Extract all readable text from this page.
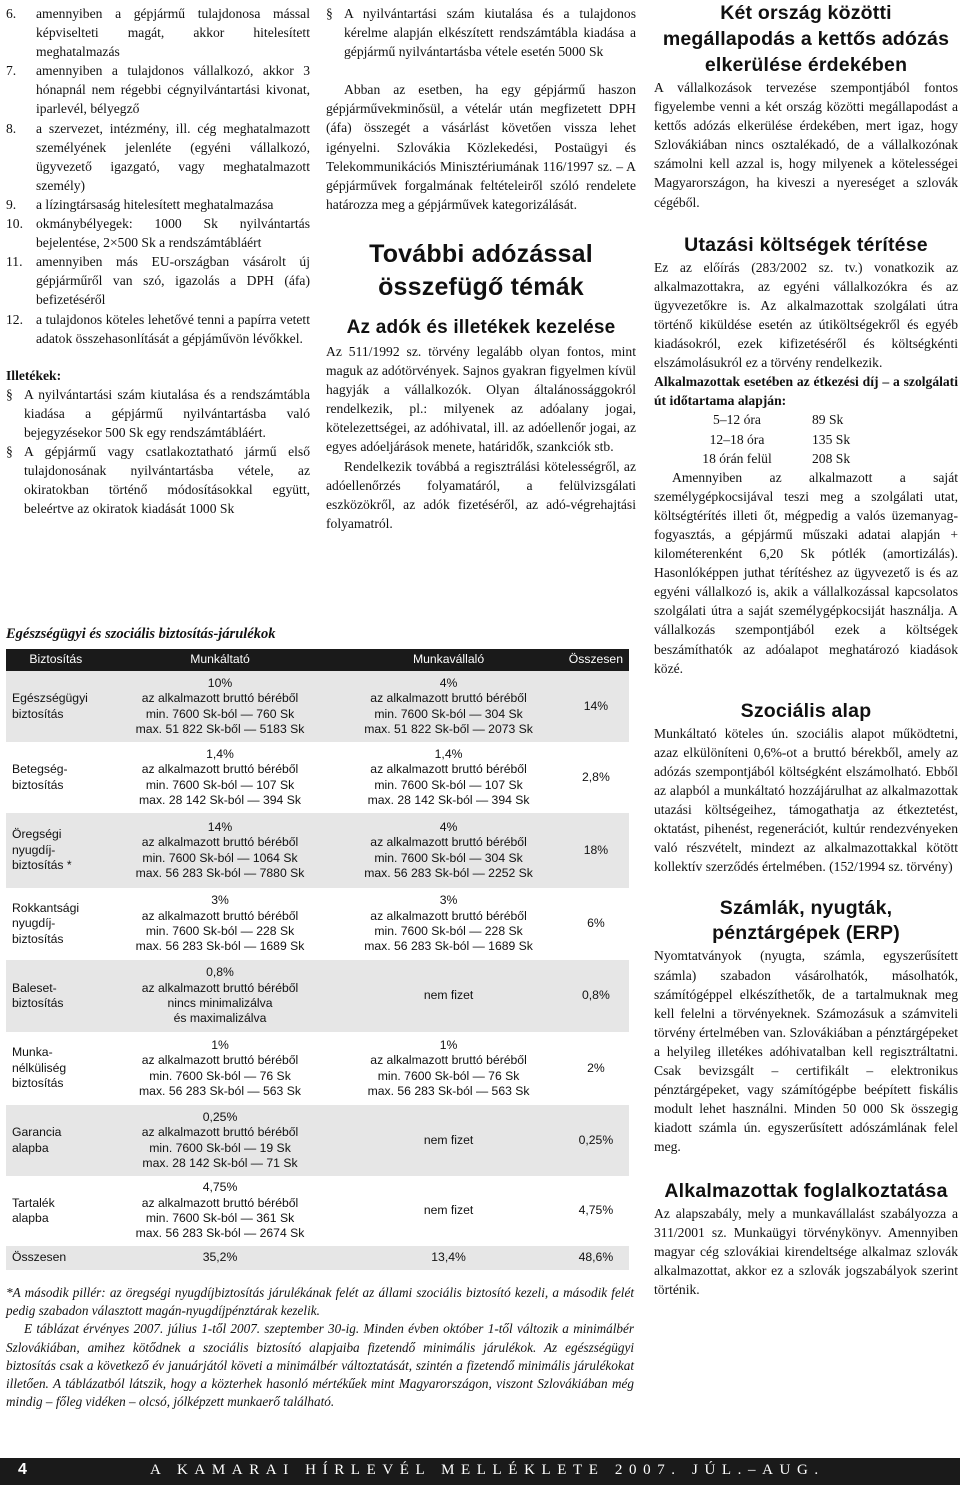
6. amennyiben a gépjármű tulajdonosa mással képviselteti magát, akkor hitelesített meghatalmazás
7. amennyiben a tulajdonos vállalkozó, akkor 3 hónapnál nem régebbi cégnyilvántartási kivonat, iparlevél, bélyegző
8. a szervezet, intézmény, ill. cég meghatalmazott személyének jelenléte (egyéni vállalkozó, ügyvezető igazgató, vagy meghatalmazott személy)
9. a lízingtársaság hitelesített meghatalmazása
10. okmánybélyegek: 1000 Sk nyilvántartás bejelentése, 2×500 Sk a rendszámtábláért
11. amennyiben más EU-országban vásárolt új gépjárműről van szó, igazolás a DPH (áfa) befizetéséről
12. a tulajdonos köteles lehetővé tenni a papírra vetett adatok összehasonlítását a gépjáművön lévőkkel.
Illetékek:
§ A nyilvántartási szám kiutalása és a rendszámtábla kiadása a gépjármű nyilvántartásba való bejegyzésekor 500 Sk egy rendszámtábláért.
§ A gépjármű vagy csatlakoztatható jármű első tulajdonosának nyilvántartásba vétele, az okiratokban történő módosításokkal együtt, beleértve az okiratok kiadását 1000 Sk
§ A nyilvántartási szám kiutalása és a tulajdonos kérelme alapján elkészített rendszámtábla kiadása a gépjármű nyilvántartásba vétele esetén 5000 Sk

Abban az esetben, ha egy gépjármű haszon gépjárművekminősül, a vételár után megfizetett DPH (áfa) összegét a vásárlást követően vissza lehet igényelni. Szlovákia Közlekedési, Postaügyi és Telekommunikációs Minisztériumának 116/1997 sz. – A gépjárművek forgalmának feltételeiről szóló rendelete határozza meg a gépjárművek kategorizálását.

További adózással
összefügő témák
Az adók és illetékek kezelése

Az 511/1992 sz. törvény legalább olyan fontos, mint maguk az adótörvények. Sajnos gyakran figyelmen kívül hagyják a vállalkozók. Olyan általánossággokról rendelkezik, pl.: milyenek az adóalany jogai, kötelezettségei, az adóhivatal, ill. az adóellenőr jogai, az egyes adóeljárások menete, határidők, szankciók stb.

Rendelkezik továbbá a regisztrálási kötelességről, az adóellenőrzés folyamatáról, a felülvizsgálati eszközökről, az adók fizetéséről, az adó-végrehajtási folyamatról.

Egészségügyi és szociális biztosítás-járulékok
Biztosítás	Munkáltató	Munkavállaló	Összesen
Egészségügyi
biztosítás	10%
az alkalmazott bruttó béréből
min. 7600 Sk-ból — 760 Sk
max. 51 822 Sk-ből — 5183 Sk	4%
az alkalmazott bruttó béréből
min. 7600 Sk-ból — 304 Sk
max. 51 822 Sk-ből — 2073 Sk	14%
Betegség-
biztosítás	1,4%
az alkalmazott bruttó béréből
min. 7600 Sk-ból — 107 Sk
max. 28 142 Sk-ból — 394 Sk	1,4%
az alkalmazott bruttó béréből
min. 7600 Sk-ból — 107 Sk
max. 28 142 Sk-ból — 394 Sk	2,8%
Öregségi
nyugdíj-
biztosítás *	14%
az alkalmazott bruttó béréből
min. 7600 Sk-ból — 1064 Sk
max. 56 283 Sk-ból — 7880 Sk	4%
az alkalmazott bruttó béréből
min. 7600 Sk-ból — 304 Sk
max. 56 283 Sk-ból — 2252 Sk	18%
Rokkantsági
nyugdíj-
biztosítás	3%
az alkalmazott bruttó béréből
min. 7600 Sk-ból — 228 Sk
max. 56 283 Sk-ból — 1689 Sk	3%
az alkalmazott bruttó béréből
min. 7600 Sk-ból — 228 Sk
max. 56 283 Sk-ból — 1689 Sk	6%
Baleset-
biztosítás	0,8%
az alkalmazott bruttó béréből
nincs minimalizálva
és maximalizálva	nem fizet	0,8%
Munka-
nélküliség
biztosítás	1%
az alkalmazott bruttó béréből
min. 7600 Sk-ból — 76 Sk
max. 56 283 Sk-ból — 563 Sk	1%
az alkalmazott bruttó béréből
min. 7600 Sk-ból — 76 Sk
max. 56 283 Sk-ból — 563 Sk	2%
Garancia
alapba	0,25%
az alkalmazott bruttó béréből
min. 7600 Sk-ból — 19 Sk
max. 28 142 Sk-ból — 71 Sk	nem fizet	0,25%
Tartalék
alapba	4,75%
az alkalmazott bruttó béréből
min. 7600 Sk-ból — 361 Sk
max. 56 283 Sk-ból — 2674 Sk	nem fizet	4,75%
Összesen	35,2%	13,4%	48,6%

*A második pillér: az öregségi nyugdíjbiztosítás járulékának felét az állami szociális biztosító kezeli, a második felét pedig szabadon választott magán-nyugdíjpénztárak kezelik.

E táblázat érvényes 2007. július 1-től 2007. szeptember 30-ig. Minden évben október 1-től változik a minimálbér Szlovákiában, amihez kötődnek a szociális biztosító alapjaiba fizetendő minimális járulékok. Az egészségügyi biztosítás csak a következő év januárjától követi a minimálbér változtatását, szintén a fizetendő minimális járulékokat illetően. A táblázatból látszik, hogy a közterhek hasonló mértékűek mint Magyarországon, viszont Szlovákiában még mindig – főleg vidéken – olcsó, jólképzett munkaerő található.

Két ország közötti
megállapodás a kettős adózás
elkerülése érdekében

A vállalkozások tervezése szempontjából fontos figyelembe venni a két ország közötti megállapodást a kettős adózás elkerülése érdekében, mert igaz, hogy Szlovákiában nincs osztalékadó, de a vállalkozónak számolni kell azzal is, hogy milyenek a kötelességei Magyarországon, ha kiveszi a nyereséget a szlovák cégéből.

Utazási költségek térítése

Ez az előírás (283/2002 sz. tv.) vonatkozik az alkalmazottakra, az egyéni vállalkozókra és az ügyvezetőkre is. Az alkalmazottak szolgálati útra történő kiküldése esetén az útiköltségekről és egyéb kiadásokról, ezek kifizetéséről és költségkénti elszámolásukról ez a törvény rendelkezik.

Alkalmazottak esetében az étkezési díj – a szolgálati út időtartama alapján:

5–12 óra	89 Sk
12–18 óra	135 Sk
18 órán felül	208 Sk

Amennyiben az alkalmazott a saját személygépkocsijával teszi meg a szolgálati utat, költségtérítés illeti őt, mégpedig a valós üzemanyag-fogyasztás, a gépjármű műszaki adatai alapján + kilométerenként 6,20 Sk pótlék (amortizálás). Hasonlóképpen juthat térítéshez az ügyvezető is és az egyéni vállalkozó is, akik a vállalkozással kapcsolatos szolgálati útra a saját személygépkocsiját használja. A vállalkozás szempontjából ezek a költségek beszámíthatók az adóalapot meghatározó kiadások közé.

Szociális alap

Munkáltató köteles ún. szociális alapot működtetni, azaz elkülöníteni 0,6%-ot a bruttó bérekből, amely az adózás szempontjából költségként elszámolható. Ebből az alapból a munkáltató hozzájárulhat az alkalmazottak utazási költségeihez, támogathatja az étkeztetést, oktatást, pihenést, regenerációt, kultúr rendezvényeken való részvételt, mindezt az alkalmazottakkal kötött kollektív szerződés értelmében. (152/1994 sz. törvény)

Számlák, nyugták,
pénztárgépek (ERP)

Nyomtatványok (nyugta, számla, egyszerűsített számla) szabadon vásárolhatók, másolhatók, számítógéppel elkészíthetők, de a tartalmuknak meg kell felelni a törvényeknek. Számozásuk a számviteli törvény értelmében van. Szlovákiában a pénztárgépeket a helyileg illetékes adóhivatalban kell regisztráltatni. Csak bevizsgált – certifikált – elektronikus pénztárgépeket, vagy számítógépbe beépített fiskális modult lehet használni. Minden 50 000 Sk összegig kiadott számla ún. egyszerűsített adószámlának felel meg.

Alkalmazottak foglalkoztatása

Az alapszabály, mely a munkavállalást szabályozza a 311/2001 sz. Munkaügyi törvénykönyv. Amennyiben magyar cég szlovákiai kirendeltsége alkalmaz szlovák alkalmazottat, akkor ez a szlovák jogszabályok szerint történik.

4	A KAMARAI HÍRLEVÉL MELLÉKLETE 2007. JÚL.–AUG.
